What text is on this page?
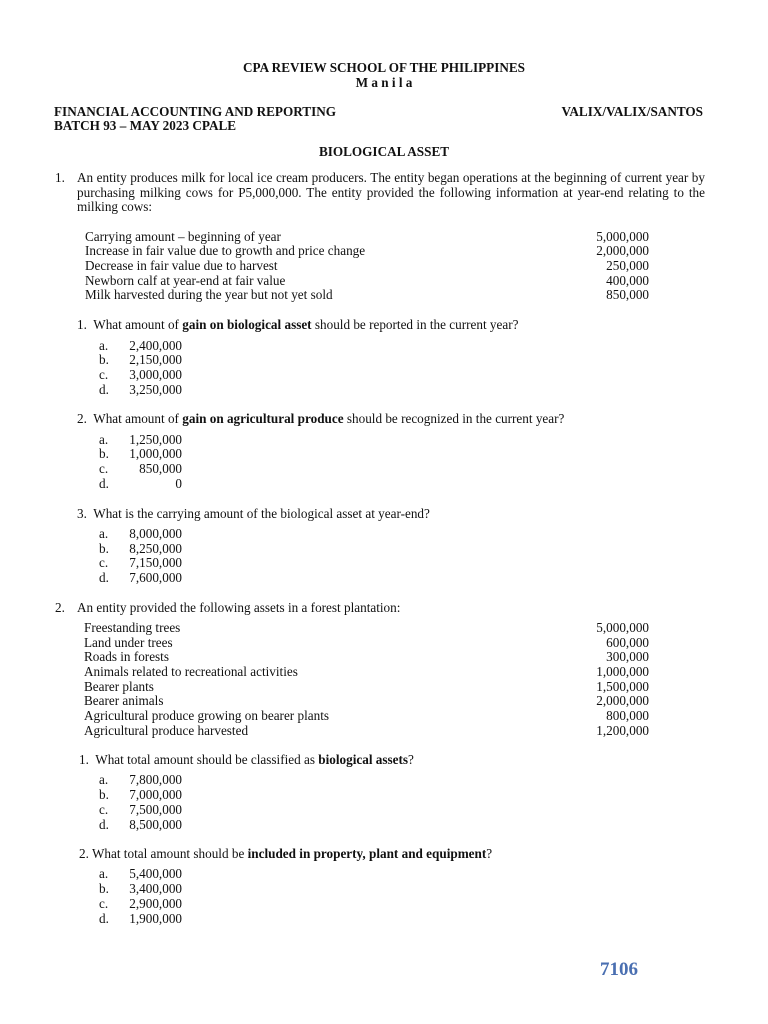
CPA REVIEW SCHOOL OF THE PHILIPPINES
M a n i l a
FINANCIAL ACCOUNTING AND REPORTING
BATCH 93 – MAY 2023 CPALE
VALIX/VALIX/SANTOS
BIOLOGICAL ASSET
1. An entity produces milk for local ice cream producers. The entity began operations at the beginning of current year by purchasing milking cows for P5,000,000. The entity provided the following information at year-end relating to the milking cows:
Carrying amount – beginning of year	5,000,000
Increase in fair value due to growth and price change	2,000,000
Decrease in fair value due to harvest	250,000
Newborn calf at year-end at fair value	400,000
Milk harvested during the year but not yet sold	850,000
1. What amount of gain on biological asset should be reported in the current year?
a.	2,400,000
b.	2,150,000
c.	3,000,000
d.	3,250,000
2. What amount of gain on agricultural produce should be recognized in the current year?
a.	1,250,000
b.	1,000,000
c.	850,000
d.	0
3. What is the carrying amount of the biological asset at year-end?
a.	8,000,000
b.	8,250,000
c.	7,150,000
d.	7,600,000
2. An entity provided the following assets in a forest plantation:
Freestanding trees	5,000,000
Land under trees	600,000
Roads in forests	300,000
Animals related to recreational activities	1,000,000
Bearer plants	1,500,000
Bearer animals	2,000,000
Agricultural produce growing on bearer plants	800,000
Agricultural produce harvested	1,200,000
1. What total amount should be classified as biological assets?
a.	7,800,000
b.	7,000,000
c.	7,500,000
d.	8,500,000
2. What total amount should be included in property, plant and equipment?
a.	5,400,000
b.	3,400,000
c.	2,900,000
d.	1,900,000
7106
